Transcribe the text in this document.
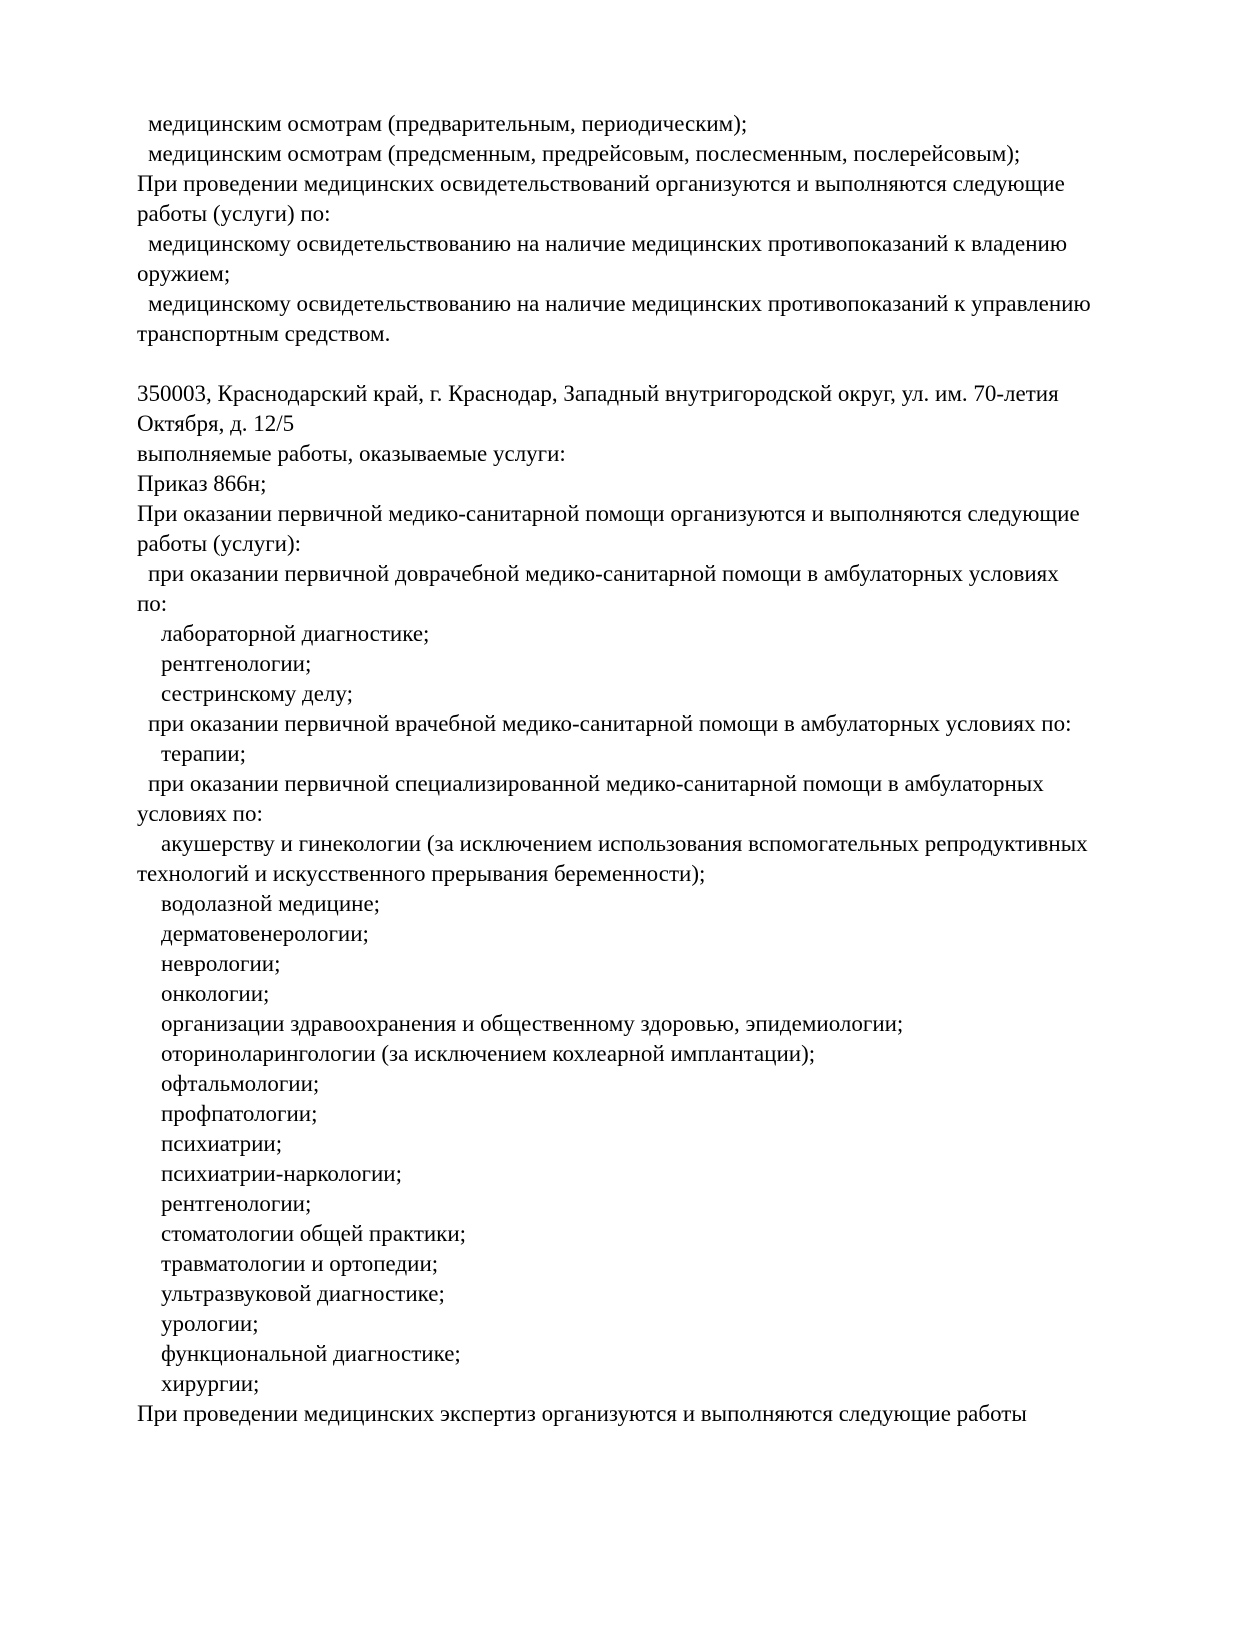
медицинским осмотрам (предварительным, периодическим);
медицинским осмотрам (предсменным, предрейсовым, послесменным, послерейсовым);
При проведении медицинских освидетельствований организуются и выполняются следующие
работы (услуги) по:
медицинскому освидетельствованию на наличие медицинских противопоказаний к владению
оружием;
медицинскому освидетельствованию на наличие медицинских противопоказаний к управлению
транспортным средством.
350003, Краснодарский край, г. Краснодар, Западный внутригородской округ, ул. им. 70-летия
Октября, д. 12/5
выполняемые работы, оказываемые услуги:
Приказ 866н;
При оказании первичной медико-санитарной помощи организуются и выполняются следующие
работы (услуги):
при оказании первичной доврачебной медико-санитарной помощи в амбулаторных условиях
по:
лабораторной диагностике;
рентгенологии;
сестринскому делу;
при оказании первичной врачебной медико-санитарной помощи в амбулаторных условиях по:
терапии;
при оказании первичной специализированной медико-санитарной помощи в амбулаторных
условиях по:
акушерству и гинекологии (за исключением использования вспомогательных репродуктивных
технологий и искусственного прерывания беременности);
водолазной медицине;
дерматовенерологии;
неврологии;
онкологии;
организации здравоохранения и общественному здоровью, эпидемиологии;
оториноларингологии (за исключением кохлеарной имплантации);
офтальмологии;
профпатологии;
психиатрии;
психиатрии-наркологии;
рентгенологии;
стоматологии общей практики;
травматологии и ортопедии;
ультразвуковой диагностике;
урологии;
функциональной диагностике;
хирургии;
При проведении медицинских экспертиз организуются и выполняются следующие работы
